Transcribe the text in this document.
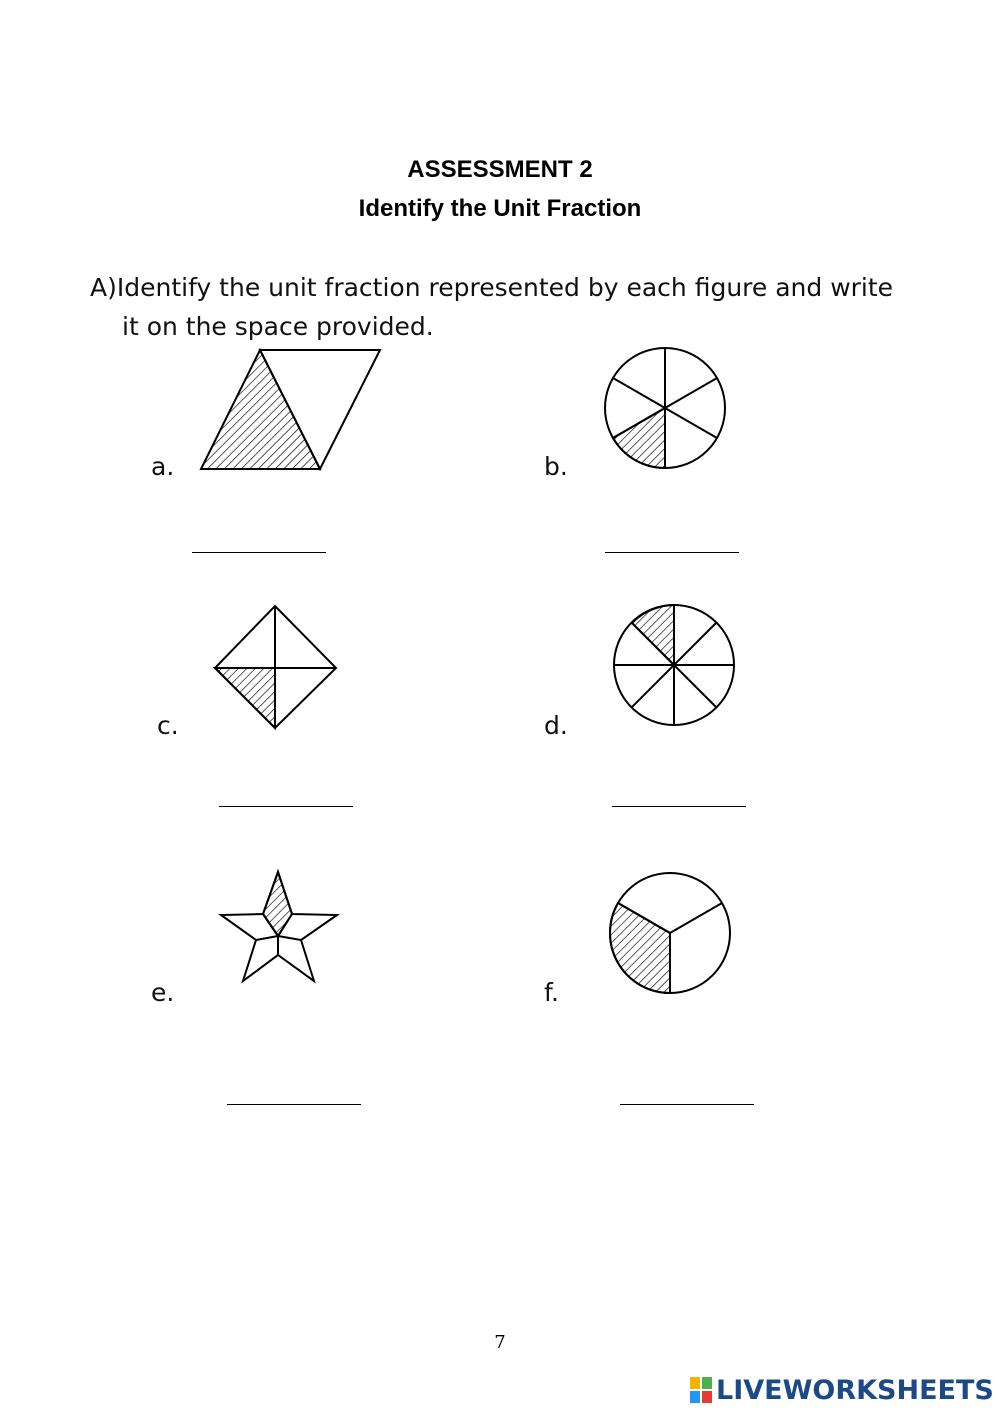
ASSESSMENT 2
Identify the Unit Fraction
A)Identify the unit fraction represented by each figure and write
it on the space provided.
a.	b.
c.	d.
e.	f.
7
LIVEWORKSHEETS
